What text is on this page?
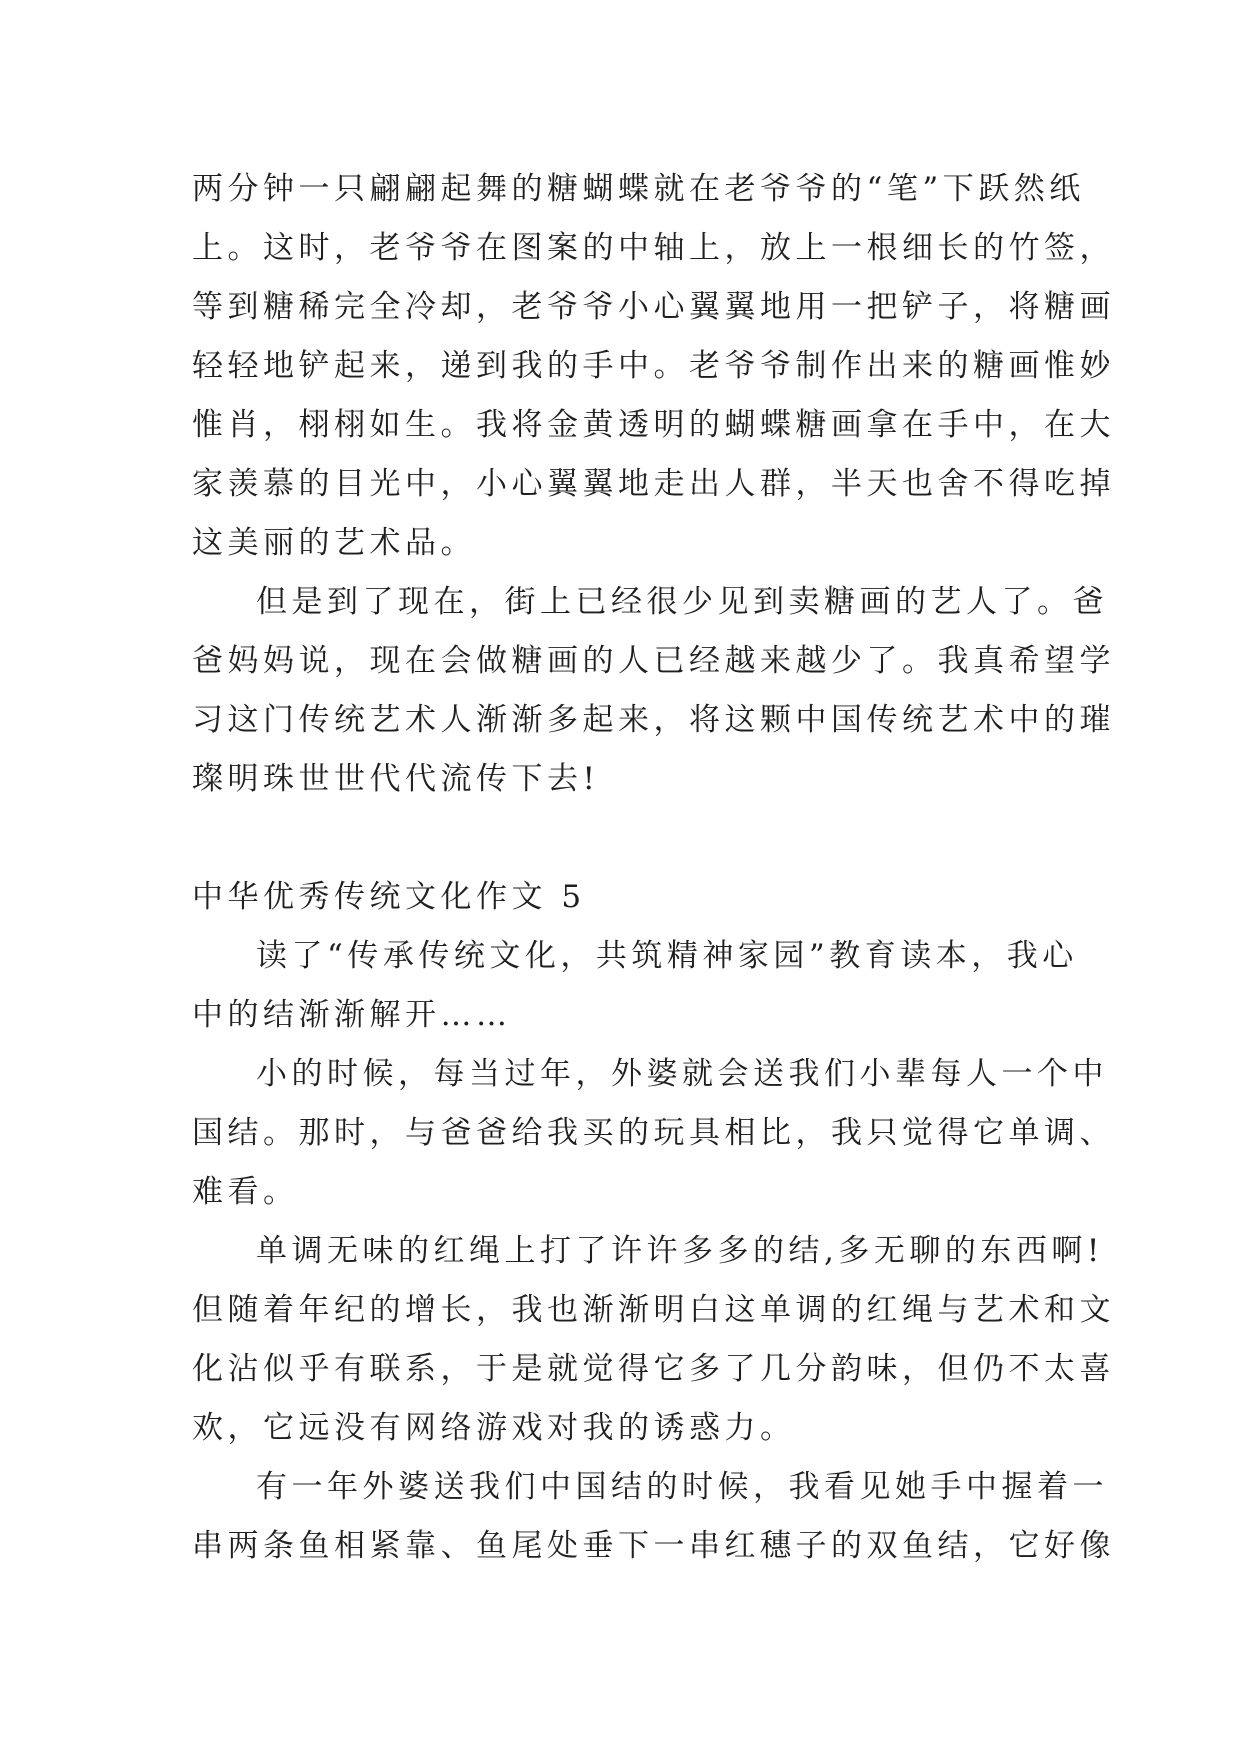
两分钟一只翩翩起舞的糖蝴蝶就在老爷爷的“笔”下跃然纸
上。这时，老爷爷在图案的中轴上，放上一根细长的竹签，
等到糖稀完全冷却，老爷爷小心翼翼地用一把铲子，将糖画
轻轻地铲起来，递到我的手中。老爷爷制作出来的糖画惟妙
惟肖，栩栩如生。我将金黄透明的蝴蝶糖画拿在手中，在大
家羡慕的目光中，小心翼翼地走出人群，半天也舍不得吃掉
这美丽的艺术品。
但是到了现在，街上已经很少见到卖糖画的艺人了。爸
爸妈妈说，现在会做糖画的人已经越来越少了。我真希望学
习这门传统艺术人渐渐多起来，将这颗中国传统艺术中的璀
璨明珠世世代代流传下去!
中华优秀传统文化作文 5
读了“传承传统文化，共筑精神家园”教育读本，我心
中的结渐渐解开……
小的时候，每当过年，外婆就会送我们小辈每人一个中
国结。那时，与爸爸给我买的玩具相比，我只觉得它单调、
难看。
单调无味的红绳上打了许许多多的结,多无聊的东西啊!
但随着年纪的增长，我也渐渐明白这单调的红绳与艺术和文
化沾似乎有联系，于是就觉得它多了几分韵味，但仍不太喜
欢，它远没有网络游戏对我的诱惑力。
有一年外婆送我们中国结的时候，我看见她手中握着一
串两条鱼相紧靠、鱼尾处垂下一串红穗子的双鱼结，它好像
